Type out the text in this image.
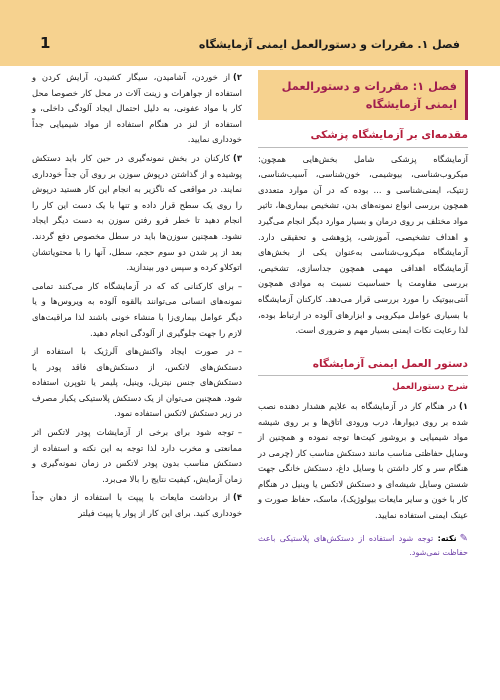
1	فصل ۱. مقررات و دستورالعمل ایمنی آزمایشگاه
فصل ۱: مقررات و دستورالعمل ایمنی آزمایشگاه
مقدمه‌ای بر آزمایشگاه پزشکی

آزمایشگاه پزشکی شامل بخش‌هایی همچون: میکروب‌شناسی، بیوشیمی، خون‌شناسی، آسیب‌شناسی، ژنتیک، ایمنی‌شناسی و ... بوده که در آن موارد متعددی همچون بررسی انواع نمونه‌های بدن، تشخیص بیماری‌ها، تاثیر مواد مختلف بر روی درمان و بسیار موارد دیگر انجام می‌گیرد و اهداف تشخیصی، آموزشی، پژوهشی و تحقیقی دارد. آزمایشگاه میکروب‌شناسی به‌عنوان یکی از بخش‌های آزمایشگاه اهدافی مهمی همچون جداسازی، تشخیص، بررسی مقاومت یا حساسیت نسبت به موادی همچون آنتی‌بیوتیک را مورد بررسی قرار می‌دهد. کارکنان آزمایشگاه با بسیاری عوامل میکروبی و ابزارهای آلوده در ارتباط بوده، لذا رعایت نکات ایمنی بسیار مهم و ضروری است.

دستور العمل ایمنی آزمایشگاه
شرح دستورالعمل
۱)در هنگام کار در آزمایشگاه به علایم هشدار دهنده نصب شده بر روی دیوارها، درب ورودی اتاق‌ها و بر روی شیشه مواد شیمیایی و بروشور کیت‌ها توجه نموده و همچنین از وسایل حفاظتی مناسب مانند دستکش مناسب کار (چرمی در هنگام سر و کار داشتن با وسایل داغ، دستکش خانگی جهت شستن وسایل شیشه‌ای و دستکش لاتکس یا وینیل در هنگام کار با خون و سایر مایعات بیولوژیک)، ماسک، حفاظ صورت و عینک ایمنی استفاده نمایید.
✎نکته: توجه شود استفاده از دستکش‌های پلاستیکی باعث حفاظت نمی‌شود.
۲)از خوردن، آشامیدن، سیگار کشیدن، آرایش کردن و استفاده از جواهرات و زینت آلات در محل کار خصوصا محل کار با مواد عفونی، به دلیل احتمال ایجاد آلودگی داخلی، و استفاده از لنز در هنگام استفاده از مواد شیمیایی جداً خودداری نمایید.
۳)کارکنان در بخش نمونه‌گیری در حین کار باید دستکش پوشیده و از گذاشتن درپوش سوزن بر روی آن جداً خودداری نمایند. در مواقعی که ناگزیر به انجام این کار هستید درپوش را روی یک سطح قرار داده و تنها با یک دست این کار را انجام دهید تا خطر فرو رفتن سوزن به دست دیگر ایجاد نشود. همچنین سوزن‌ها باید در سطل مخصوص دفع گردند. بعد از پر شدن دو سوم حجم، سطل، آنها را با محتویاتشان اتوکلاو کرده و سپس دور بیندازید.
–برای کارکنانی که که در آزمایشگاه کار می‌کنند تمامی نمونه‌های انسانی می‌توانند بالقوه آلوده به ویروس‌ها و یا دیگر عوامل بیماری‌زا با منشاء خونی باشند لذا مراقبت‌های لازم را جهت جلوگیری از آلودگی انجام دهید.
–در صورت ایجاد واکنش‌های آلرژیک با استفاده از دستکش‌های لاتکس، از دستکش‌های فاقد پودر یا دستکش‌های جنس نیتریل، وینیل، پلیمر یا نئوپرن استفاده شود. همچنین می‌توان از یک دستکش پلاستیکی یکبار مصرف در زیر دستکش لاتکس استفاده نمود.
–توجه شود برای برخی از آزمایشات پودر لاتکس اثر ممانعتی و مخرب دارد لذا توجه به این نکته و استفاده از دستکش مناسب بدون پودر لاتکس در زمان نمونه‌گیری و زمان آزمایش، کیفیت نتایج را بالا می‌برد.
۴)از برداشت مایعات با پیپت با استفاده از دهان جداً خودداری کنید. برای این کار از پوار یا پیپت فیلتر
